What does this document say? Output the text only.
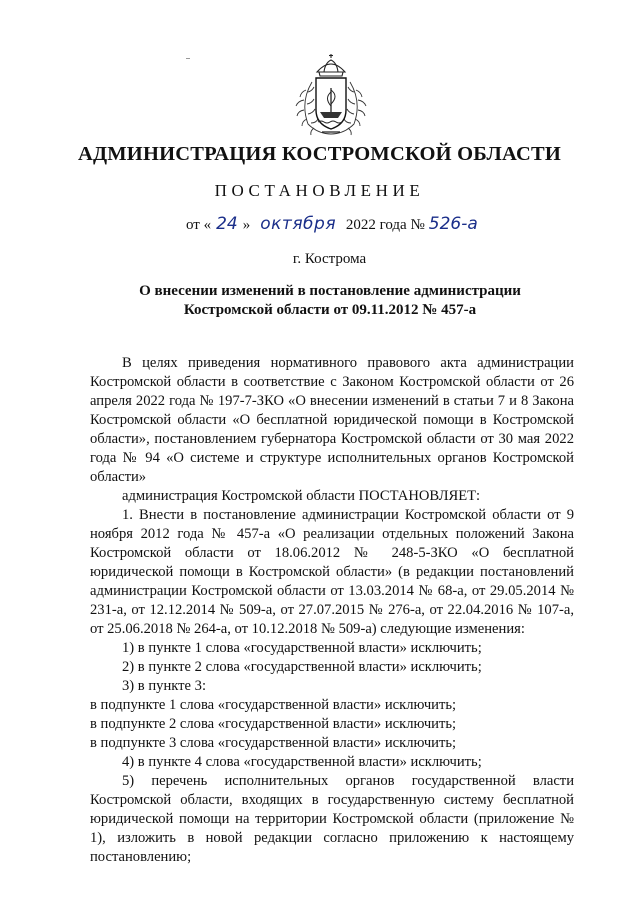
АДМИНИСТРАЦИЯ КОСТРОМСКОЙ ОБЛАСТИ
ПОСТАНОВЛЕНИЕ
от « 24 » октября 2022 года № 526-а
г. Кострома
О внесении изменений в постановление администрации
Костромской области от 09.11.2012 № 457-а

В целях приведения нормативного правового акта администрации Костромской области в соответствие с Законом Костромской области от 26 апреля 2022 года № 197-7-ЗКО «О внесении изменений в статьи 7 и 8 Закона Костромской области «О бесплатной юридической помощи в Костромской области», постановлением губернатора Костромской области от 30 мая 2022 года № 94 «О системе и структуре исполнительных органов Костромской области»

администрация Костромской области ПОСТАНОВЛЯЕТ:

1. Внести в постановление администрации Костромской области от 9 ноября 2012 года № 457-а «О реализации отдельных положений Закона Костромской области от 18.06.2012 № 248-5-ЗКО «О бесплатной юридической помощи в Костромской области» (в редакции постановлений администрации Костромской области от 13.03.2014 № 68-а, от 29.05.2014 № 231-а, от 12.12.2014 № 509-а, от 27.07.2015 № 276-а, от 22.04.2016 № 107-а, от 25.06.2018 № 264-а, от 10.12.2018 № 509-а) следующие изменения:

1) в пункте 1 слова «государственной власти» исключить;

2) в пункте 2 слова «государственной власти» исключить;

3) в пункте 3:

в подпункте 1 слова «государственной власти» исключить;

в подпункте 2 слова «государственной власти» исключить;

в подпункте 3 слова «государственной власти» исключить;

4) в пункте 4 слова «государственной власти» исключить;

5) перечень исполнительных органов государственной власти Костромской области, входящих в государственную систему бесплатной юридической помощи на территории Костромской области (приложение № 1), изложить в новой редакции согласно приложению к настоящему постановлению;
